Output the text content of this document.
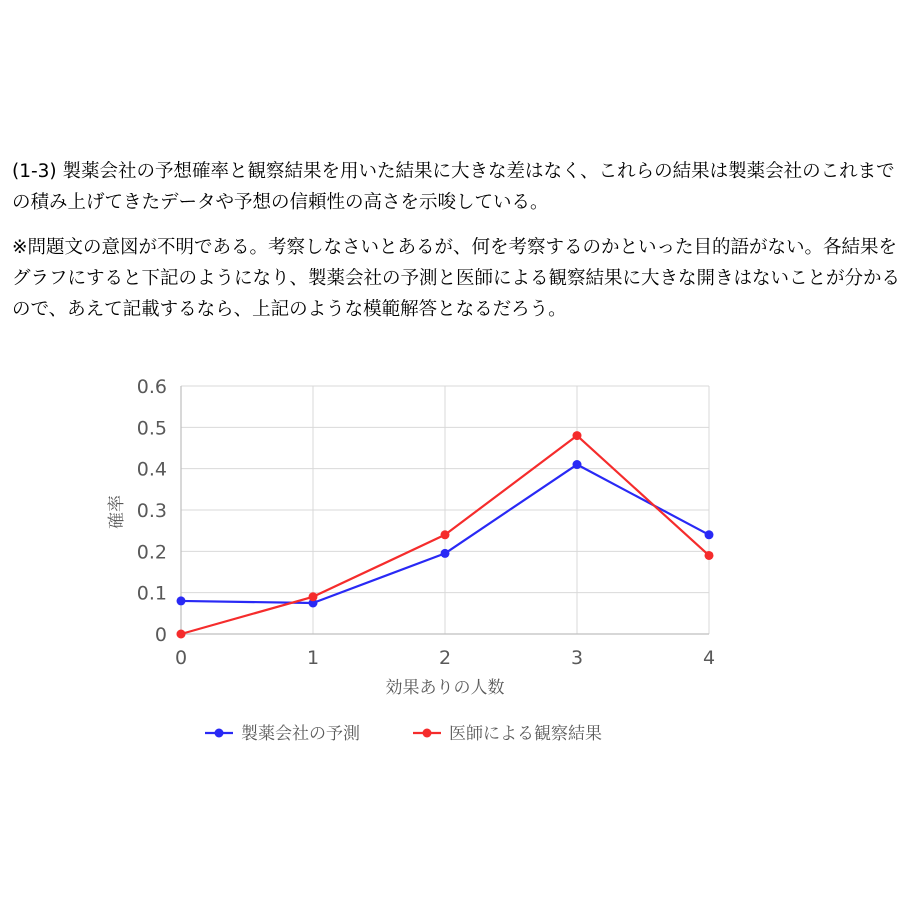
(1-3) 製薬会社の予想確率と観察結果を用いた結果に大きな差はなく、これらの結果は製薬会社のこれまでの積み上げてきたデータや予想の信頼性の高さを示唆している。

※問題文の意図が不明である。考察しなさいとあるが、何を考察するのかといった目的語がない。各結果をグラフにすると下記のようになり、製薬会社の予測と医師による観察結果に大きな開きはないことが分かるので、あえて記載するなら、上記のような模範解答となるだろう。

0
0.1
0.2
0.3
0.4
0.5
0.6
0	1	2	3	4
効果ありの人数
確率
製薬会社の予測	医師による観察結果
